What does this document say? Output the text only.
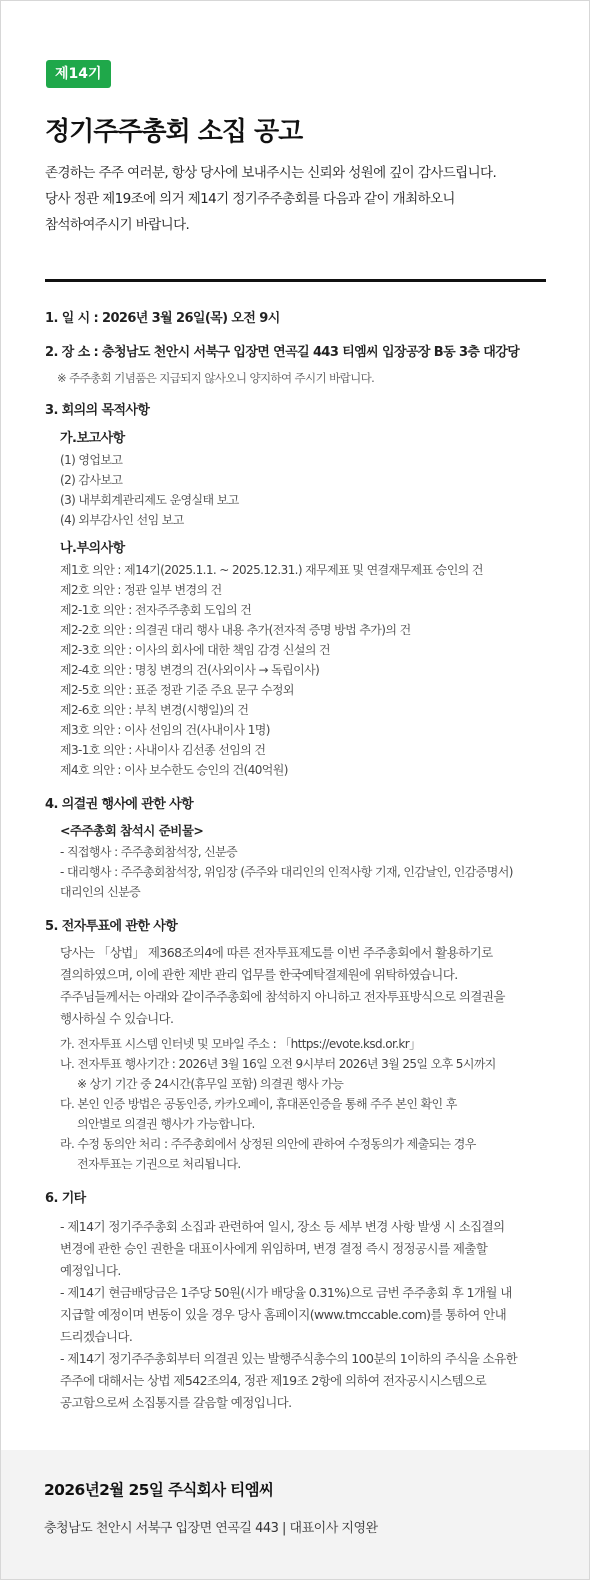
제14기
정기주주총회 소집 공고
존경하는 주주 여러분, 항상 당사에 보내주시는 신뢰와 성원에 깊이 감사드립니다.
당사 정관 제19조에 의거 제14기 정기주주총회를 다음과 같이 개최하오니
참석하여주시기 바랍니다.
1. 일 시 : 2026년 3월 26일(목) 오전 9시
2. 장 소 : 충청남도 천안시 서북구 입장면 연곡길 443 티엠씨 입장공장 B동 3층 대강당
※ 주주총회 기념품은 지급되지 않사오니 양지하여 주시기 바랍니다.
3. 회의의 목적사항
가.보고사항
(1) 영업보고
(2) 감사보고
(3) 내부회계관리제도 운영실태 보고
(4) 외부감사인 선임 보고
나.부의사항
제1호 의안 : 제14기(2025.1.1. ~ 2025.12.31.) 재무제표 및 연결재무제표 승인의 건
제2호 의안 : 정관 일부 변경의 건
제2-1호 의안 : 전자주주총회 도입의 건
제2-2호 의안 : 의결권 대리 행사 내용 추가(전자적 증명 방법 추가)의 건
제2-3호 의안 : 이사의 회사에 대한 책임 감경 신설의 건
제2-4호 의안 : 명칭 변경의 건(사외이사 → 독립이사)
제2-5호 의안 : 표준 정관 기준 주요 문구 수정외
제2-6호 의안 : 부칙 변경(시행일)의 건
제3호 의안 : 이사 선임의 건(사내이사 1명)
제3-1호 의안 : 사내이사 김선종 선임의 건
제4호 의안 : 이사 보수한도 승인의 건(40억원)
4. 의결권 행사에 관한 사항
<주주총회 참석시 준비물>
- 직접행사 : 주주총회참석장, 신분증
- 대리행사 : 주주총회참석장, 위임장 (주주와 대리인의 인적사항 기재, 인감날인, 인감증명서)
대리인의 신분증
5. 전자투표에 관한 사항
당사는 「상법」 제368조의4에 따른 전자투표제도를 이번 주주총회에서 활용하기로
결의하였으며, 이에 관한 제반 관리 업무를 한국예탁결제원에 위탁하였습니다.
주주님들께서는 아래와 같이주주총회에 참석하지 아니하고 전자투표방식으로 의결권을
행사하실 수 있습니다.
가. 전자투표 시스템 인터넷 및 모바일 주소 : 「https://evote.ksd.or.kr」
나. 전자투표 행사기간 : 2026년 3월 16일 오전 9시부터 2026년 3월 25일 오후 5시까지
※ 상기 기간 중 24시간(휴무일 포함) 의결권 행사 가능
다. 본인 인증 방법은 공동인증, 카카오페이, 휴대폰인증을 통해 주주 본인 확인 후
의안별로 의결권 행사가 가능합니다.
라. 수정 동의안 처리 : 주주총회에서 상정된 의안에 관하여 수정동의가 제출되는 경우
전자투표는 기권으로 처리됩니다.
6. 기타
- 제14기 정기주주총회 소집과 관련하여 일시, 장소 등 세부 변경 사항 발생 시 소집결의
변경에 관한 승인 권한을 대표이사에게 위임하며, 변경 결정 즉시 정정공시를 제출할
예정입니다.
- 제14기 현금배당금은 1주당 50원(시가 배당율 0.31%)으로 금번 주주총회 후 1개월 내
지급할 예정이며 변동이 있을 경우 당사 홈페이지(www.tmccable.com)를 통하여 안내
드리겠습니다.
- 제14기 정기주주총회부터 의결권 있는 발행주식총수의 100분의 1이하의 주식을 소유한
주주에 대해서는 상법 제542조의4, 정관 제19조 2항에 의하여 전자공시시스템으로
공고함으로써 소집통지를 갈음할 예정입니다.
2026년2월 25일 주식회사 티엠씨
충청남도 천안시 서북구 입장면 연곡길 443 | 대표이사 지영완
